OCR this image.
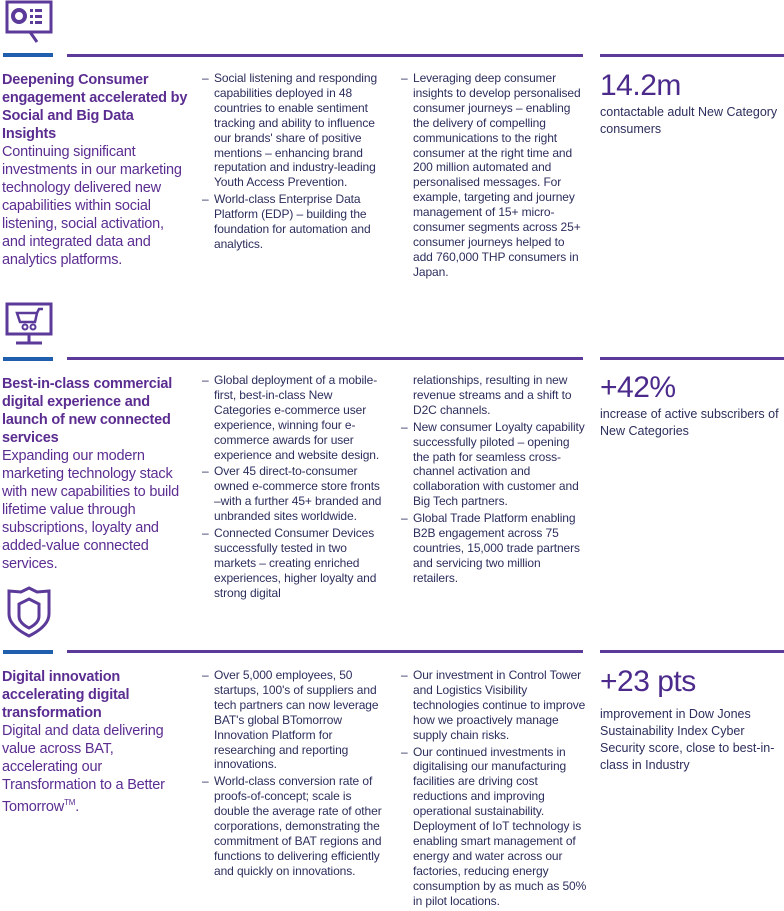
Deepening Consumer engagement accelerated by Social and Big Data Insights
Continuing significant investments in our marketing technology delivered new capabilities within social listening, social activation, and integrated data and analytics platforms.
– Social listening and responding capabilities deployed in 48 countries to enable sentiment tracking and ability to influence our brands' share of positive mentions – enhancing brand reputation and industry-leading Youth Access Prevention.
– World-class Enterprise Data Platform (EDP) – building the foundation for automation and analytics.
– Leveraging deep consumer insights to develop personalised consumer journeys – enabling the delivery of compelling communications to the right consumer at the right time and 200 million automated and personalised messages. For example, targeting and journey management of 15+ micro-consumer segments across 25+ consumer journeys helped to add 760,000 THP consumers in Japan.
14.2m
contactable adult New Category consumers
Best-in-class commercial digital experience and launch of new connected services
Expanding our modern marketing technology stack with new capabilities to build lifetime value through subscriptions, loyalty and added-value connected services.
– Global deployment of a mobile-first, best-in-class New Categories e-commerce user experience, winning four e-commerce awards for user experience and website design.
– Over 45 direct-to-consumer owned e-commerce store fronts –with a further 45+ branded and unbranded sites worldwide.
– Connected Consumer Devices successfully tested in two markets – creating enriched experiences, higher loyalty and strong digital
relationships, resulting in new revenue streams and a shift to D2C channels.
– New consumer Loyalty capability successfully piloted – opening the path for seamless cross-channel activation and collaboration with customer and Big Tech partners.
– Global Trade Platform enabling B2B engagement across 75 countries, 15,000 trade partners and servicing two million retailers.
+42%
increase of active subscribers of New Categories
Digital innovation accelerating digital transformation
Digital and data delivering value across BAT, accelerating our Transformation to a Better Tomorrow™.
– Over 5,000 employees, 50 startups, 100's of suppliers and tech partners can now leverage BAT's global BTomorrow Innovation Platform for researching and reporting innovations.
– World-class conversion rate of proofs-of-concept; scale is double the average rate of other corporations, demonstrating the commitment of BAT regions and functions to delivering efficiently and quickly on innovations.
– Our investment in Control Tower and Logistics Visibility technologies continue to improve how we proactively manage supply chain risks.
– Our continued investments in digitalising our manufacturing facilities are driving cost reductions and improving operational sustainability. Deployment of IoT technology is enabling smart management of energy and water across our factories, reducing energy consumption by as much as 50% in pilot locations.
+23 pts
improvement in Dow Jones Sustainability Index Cyber Security score, close to best-in-class in Industry
